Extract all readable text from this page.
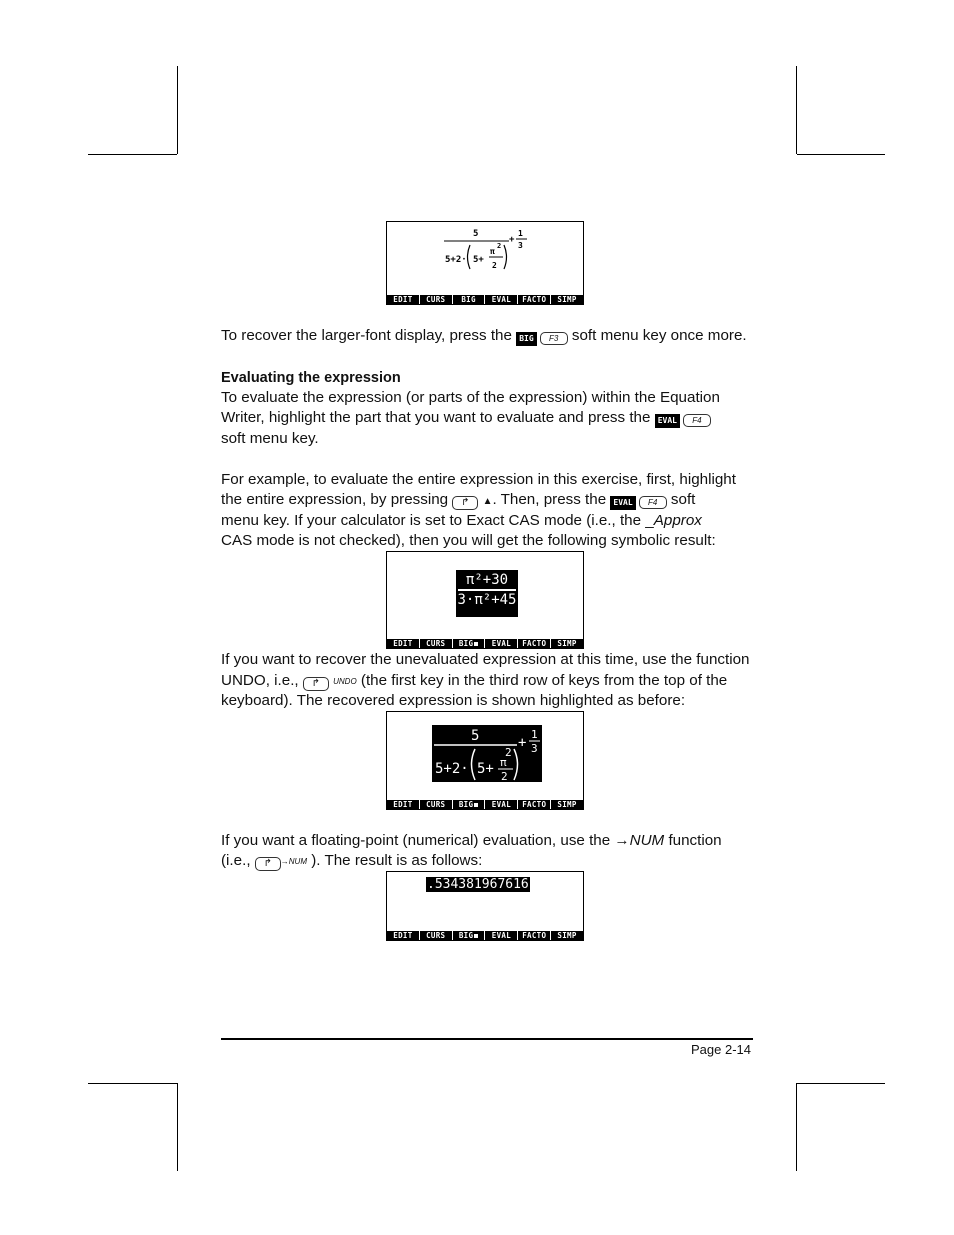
5
5+2· 5+
π
2
2
+
1
3
EDIT	CURS	BIG	EVAL	FACTO	SIMP
To recover the larger-font display, press the BIG F3 soft menu key once more.
Evaluating the expression
To evaluate the expression (or parts of the expression) within the Equation
Writer, highlight the part that you want to evaluate and press the EVAL F4
soft menu key.
For example, to evaluate the entire expression in this exercise, first, highlight
the entire expression, by pressing ↱ ▲. Then, press the EVAL F4 soft
menu key. If your calculator is set to Exact CAS mode (i.e., the _Approx
CAS mode is not checked), then you will get the following symbolic result:
π²+30
3·π²+45
EDIT	CURS	BIG	EVAL	FACTO	SIMP
If you want to recover the unevaluated expression at this time, use the function
UNDO, i.e., ↱ UNDO (the first key in the third row of keys from the top of the
keyboard). The recovered expression is shown highlighted as before:
5
5+2· 5+ π
2
2
+
1
3
EDIT	CURS	BIG	EVAL	FACTO	SIMP
If you want a floating-point (numerical) evaluation, use the →NUM function
(i.e., ↱ →NUM ). The result is as follows:
.534381967616
EDIT	CURS	BIG	EVAL	FACTO	SIMP
Page 2-14
